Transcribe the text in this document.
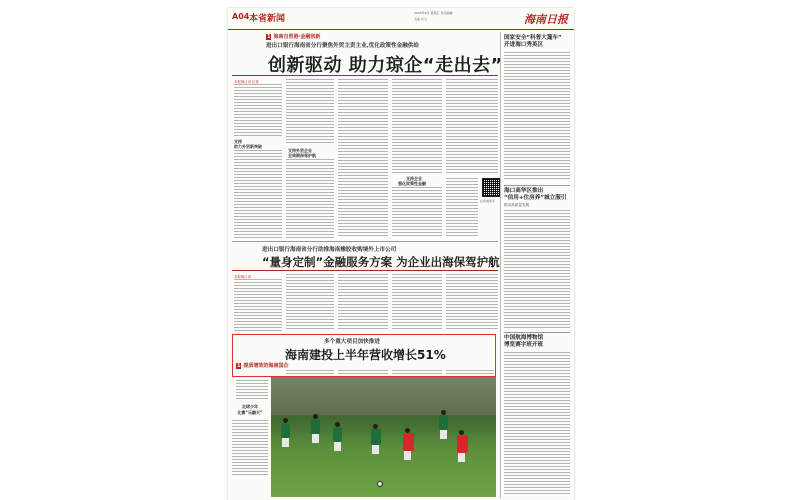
A04 本省新闻
2025年8月 星期五 责任编辑
美编 校对	海南日报
1 海南自贸港·金融创新
进出口银行海南省分行聚焦外贸主责主业,优化政策性金融供给
创新驱动 助力琼企“走出去”
本报海口讯 记者
支持
助力外贸新突破
支持外贸企业
全周期保驾护航
支持企业
强化政策性金融
扫码看更多
进出口银行海南省分行助推海南橡胶收购境外上市公司
“量身定制”金融服务方案 为企业出海保驾护航
本报海口讯
多个重大项目加快推进
海南建投上半年营收增长51%
1 提质增效的海南国企
足球少年
比赛“乐翻天”
国家安全“科普大篷车”
开进海口秀英区
海口高华区推出
“信用+住房养”城立服引
推动高质量发展
中国航海博物馆
博览赛字班开班
